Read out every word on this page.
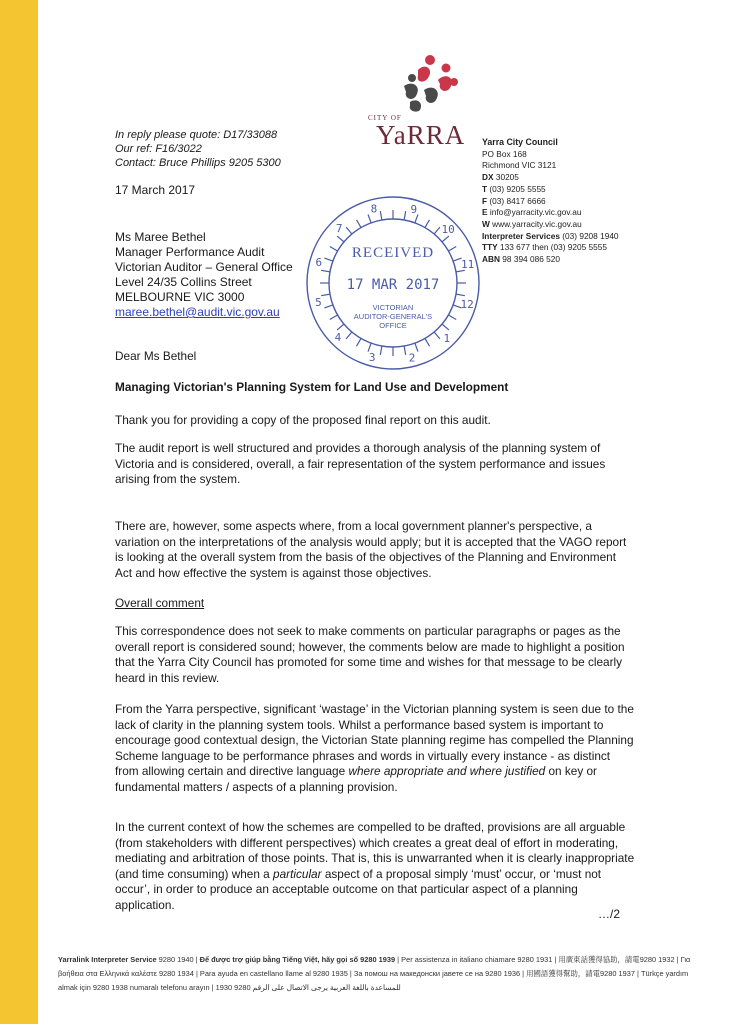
CITY OF
YaRRA Yarra City Council
PO Box 168
Richmond VIC 3121
DX 30205
T (03) 9205 5555
F (03) 8417 6666
E info@yarracity.vic.gov.au
W www.yarracity.vic.gov.au
Interpreter Services (03) 9208 1940
TTY 133 677 then (03) 9205 5555
ABN 98 394 086 520
In reply please quote: D17/33088
Our ref: F16/3022
Contact: Bruce Phillips 9205 5300
17 March 2017
Ms Maree Bethel
Manager Performance Audit
Victorian Auditor – General Office
Level 24/35 Collins Street
MELBOURNE VIC 3000
maree.bethel@audit.vic.gov.au
8	9
10
11
12
1
2
3
4
5
6
7
RECEIVED
17 MAR 2017
VICTORIAN
AUDITOR-GENERAL'S
OFFICE
Dear Ms Bethel
Managing Victorian's Planning System for Land Use and Development
Thank you for providing a copy of the proposed final report on this audit.
The audit report is well structured and provides a thorough analysis of the planning system of Victoria and is considered, overall, a fair representation of the system performance and issues arising from the system.
There are, however, some aspects where, from a local government planner's perspective, a variation on the interpretations of the analysis would apply; but it is accepted that the VAGO report is looking at the overall system from the basis of the objectives of the Planning and Environment Act and how effective the system is against those objectives.
Overall comment
This correspondence does not seek to make comments on particular paragraphs or pages as the overall report is considered sound; however, the comments below are made to highlight a position that the Yarra City Council has promoted for some time and wishes for that message to be clearly heard in this review.
From the Yarra perspective, significant ‘wastage’ in the Victorian planning system is seen due to the lack of clarity in the planning system tools. Whilst a performance based system is important to encourage good contextual design, the Victorian State planning regime has compelled the Planning Scheme language to be performance phrases and words in virtually every instance - as distinct from allowing certain and directive language where appropriate and where justified on key or fundamental matters / aspects of a planning provision.
In the current context of how the schemes are compelled to be drafted, provisions are all arguable (from stakeholders with different perspectives) which creates a great deal of effort in moderating, mediating and arbitration of those points. That is, this is unwarranted when it is clearly inappropriate (and time consuming) when a particular aspect of a proposal simply ‘must’ occur, or ‘must not occur’, in order to produce an acceptable outcome on that particular aspect of a planning application.
…/2
Yarralink Interpreter Service 9280 1940 | Để được trợ giúp bằng Tiếng Việt, hãy gọi số 9280 1939 | Per assistenza in italiano chiamare 9280 1931 | 用廣東話獲得協助，請電9280 1932 | Για βοήθεια στα Ελληνικά καλέστε 9280 1934 | Para ayuda en castellano llame al 9280 1935 | За помош на македонски јавете се на 9280 1936 | 用國語獲得幫助，請電9280 1937 | Türkçe yardım almak için 9280 1938 numaralı telefonu arayın | للمساعدة باللغة العربية يرجى الاتصال على الرقم 9280 1930
